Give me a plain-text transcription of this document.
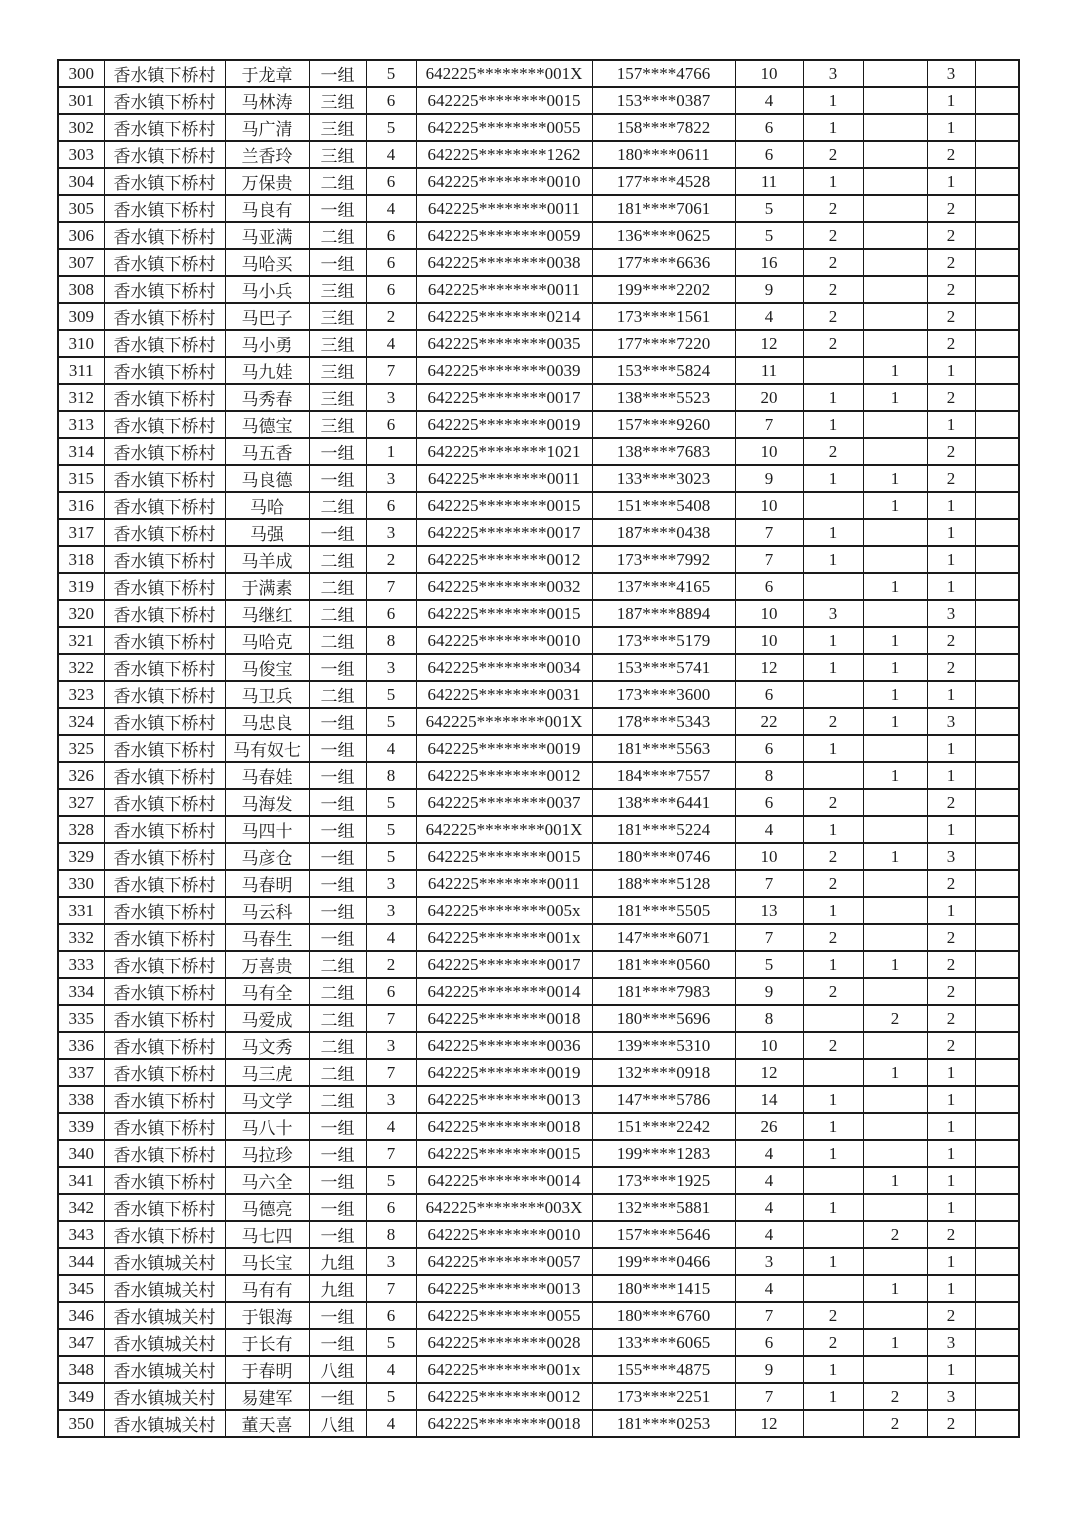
300	香水镇下桥村	于龙章	一组	5	642225********001X	157****4766	10	3		3	
301	香水镇下桥村	马林涛	三组	6	642225********0015	153****0387	4	1		1	
302	香水镇下桥村	马广清	三组	5	642225********0055	158****7822	6	1		1	
303	香水镇下桥村	兰香玲	三组	4	642225********1262	180****0611	6	2		2	
304	香水镇下桥村	万保贵	二组	6	642225********0010	177****4528	11	1		1	
305	香水镇下桥村	马良有	一组	4	642225********0011	181****7061	5	2		2	
306	香水镇下桥村	马亚满	二组	6	642225********0059	136****0625	5	2		2	
307	香水镇下桥村	马哈买	一组	6	642225********0038	177****6636	16	2		2	
308	香水镇下桥村	马小兵	三组	6	642225********0011	199****2202	9	2		2	
309	香水镇下桥村	马巴子	三组	2	642225********0214	173****1561	4	2		2	
310	香水镇下桥村	马小勇	三组	4	642225********0035	177****7220	12	2		2	
311	香水镇下桥村	马九娃	三组	7	642225********0039	153****5824	11		1	1	
312	香水镇下桥村	马秀春	三组	3	642225********0017	138****5523	20	1	1	2	
313	香水镇下桥村	马德宝	三组	6	642225********0019	157****9260	7	1		1	
314	香水镇下桥村	马五香	一组	1	642225********1021	138****7683	10	2		2	
315	香水镇下桥村	马良德	一组	3	642225********0011	133****3023	9	1	1	2	
316	香水镇下桥村	马哈	二组	6	642225********0015	151****5408	10		1	1	
317	香水镇下桥村	马强	一组	3	642225********0017	187****0438	7	1		1	
318	香水镇下桥村	马羊成	二组	2	642225********0012	173****7992	7	1		1	
319	香水镇下桥村	于满素	二组	7	642225********0032	137****4165	6		1	1	
320	香水镇下桥村	马继红	二组	6	642225********0015	187****8894	10	3		3	
321	香水镇下桥村	马哈克	二组	8	642225********0010	173****5179	10	1	1	2	
322	香水镇下桥村	马俊宝	一组	3	642225********0034	153****5741	12	1	1	2	
323	香水镇下桥村	马卫兵	二组	5	642225********0031	173****3600	6		1	1	
324	香水镇下桥村	马忠良	一组	5	642225********001X	178****5343	22	2	1	3	
325	香水镇下桥村	马有奴七	一组	4	642225********0019	181****5563	6	1		1	
326	香水镇下桥村	马春娃	一组	8	642225********0012	184****7557	8		1	1	
327	香水镇下桥村	马海发	一组	5	642225********0037	138****6441	6	2		2	
328	香水镇下桥村	马四十	一组	5	642225********001X	181****5224	4	1		1	
329	香水镇下桥村	马彦仓	一组	5	642225********0015	180****0746	10	2	1	3	
330	香水镇下桥村	马春明	一组	3	642225********0011	188****5128	7	2		2	
331	香水镇下桥村	马云科	一组	3	642225********005x	181****5505	13	1		1	
332	香水镇下桥村	马春生	一组	4	642225********001x	147****6071	7	2		2	
333	香水镇下桥村	万喜贵	二组	2	642225********0017	181****0560	5	1	1	2	
334	香水镇下桥村	马有全	二组	6	642225********0014	181****7983	9	2		2	
335	香水镇下桥村	马爱成	二组	7	642225********0018	180****5696	8		2	2	
336	香水镇下桥村	马文秀	二组	3	642225********0036	139****5310	10	2		2	
337	香水镇下桥村	马三虎	二组	7	642225********0019	132****0918	12		1	1	
338	香水镇下桥村	马文学	二组	3	642225********0013	147****5786	14	1		1	
339	香水镇下桥村	马八十	一组	4	642225********0018	151****2242	26	1		1	
340	香水镇下桥村	马拉珍	一组	7	642225********0015	199****1283	4	1		1	
341	香水镇下桥村	马六全	一组	5	642225********0014	173****1925	4		1	1	
342	香水镇下桥村	马德亮	一组	6	642225********003X	132****5881	4	1		1	
343	香水镇下桥村	马七四	一组	8	642225********0010	157****5646	4		2	2	
344	香水镇城关村	马长宝	九组	3	642225********0057	199****0466	3	1		1	
345	香水镇城关村	马有有	九组	7	642225********0013	180****1415	4		1	1	
346	香水镇城关村	于银海	一组	6	642225********0055	180****6760	7	2		2	
347	香水镇城关村	于长有	一组	5	642225********0028	133****6065	6	2	1	3	
348	香水镇城关村	于春明	八组	4	642225********001x	155****4875	9	1		1	
349	香水镇城关村	易建军	一组	5	642225********0012	173****2251	7	1	2	3	
350	香水镇城关村	董天喜	八组	4	642225********0018	181****0253	12		2	2	
